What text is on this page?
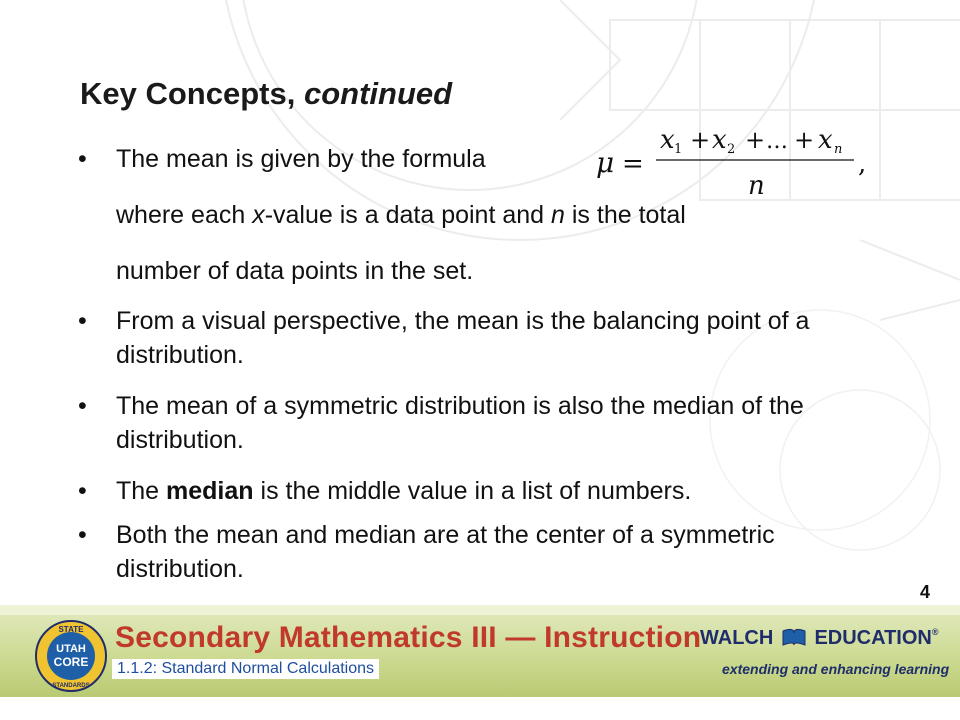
Key Concepts, continued
• The mean is given by the formula
where each x-value is a data point and n is the total
number of data points in the set.
μ =
x 1 + x 2 + … + x n
n
,
• From a visual perspective, the mean is the balancing point of a distribution.
• The mean of a symmetric distribution is also the median of the distribution.
• The median is the middle value in a list of numbers.
• Both the mean and median are at the center of a symmetric distribution.
4
STATE
UTAH
CORE
STANDARDS
Secondary Mathematics III — Instruction
1.1.2: Standard Normal Calculations
WALCH EDUCATION®
extending and enhancing learning
